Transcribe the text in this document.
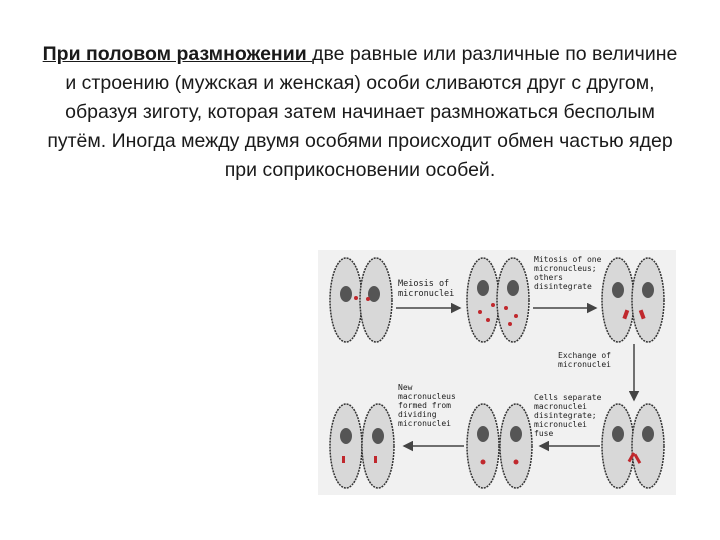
При половом размножении две равные или различные по величине и строению (мужская и женская) особи сливаются друг с другом, образуя зиготу, которая затем начинает размножаться бесполым путём. Иногда между двумя особями происходит обмен частью ядер при соприкосновении особей.
Meiosis of
micronuclei
Mitosis of one
micronucleus;
others
disintegrate
Exchange of
micronuclei
Cells separate
macronuclei
disintegrate;
micronuclei
fuse
New
macronucleus
formed from
dividing
micronuclei
